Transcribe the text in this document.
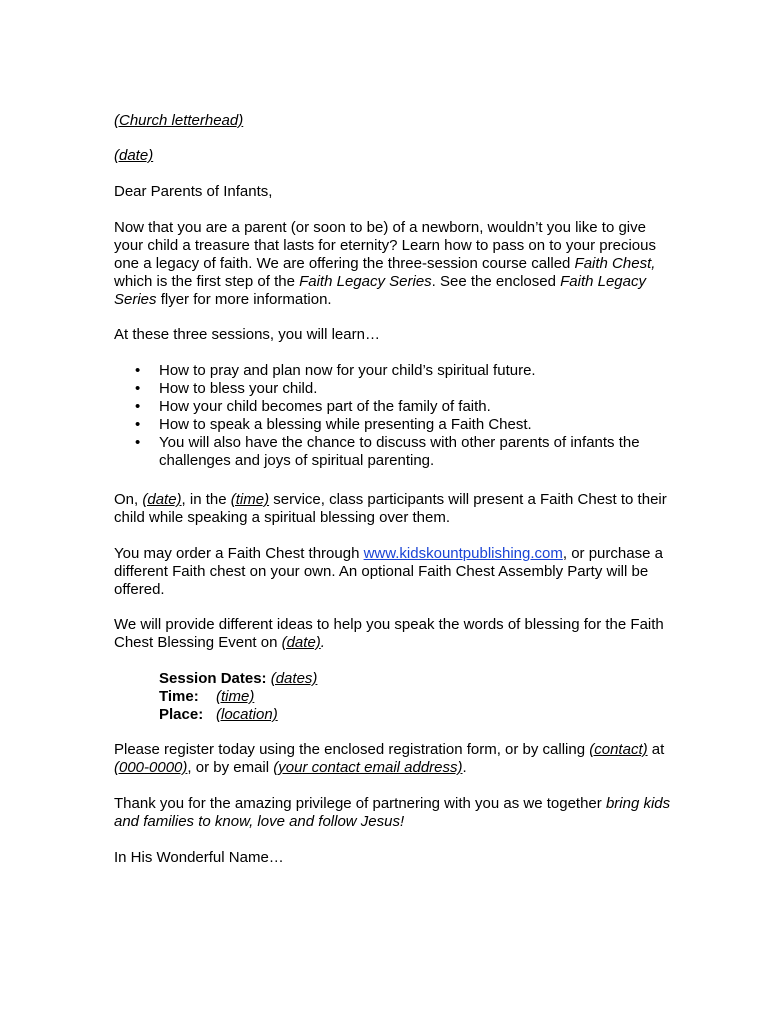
(Church letterhead)

(date)

Dear Parents of Infants,

Now that you are a parent (or soon to be) of a newborn, wouldn’t you like to give your child a treasure that lasts for eternity? Learn how to pass on to your precious one a legacy of faith. We are offering the three-session course called Faith Chest, which is the first step of the Faith Legacy Series. See the enclosed Faith Legacy Series flyer for more information.

At these three sessions, you will learn…

• How to pray and plan now for your child’s spiritual future.
• How to bless your child.
• How your child becomes part of the family of faith.
• How to speak a blessing while presenting a Faith Chest.
• You will also have the chance to discuss with other parents of infants the challenges and joys of spiritual parenting.

On, (date), in the (time) service, class participants will present a Faith Chest to their child while speaking a spiritual blessing over them.

You may order a Faith Chest through www.kidskountpublishing.com, or purchase a different Faith chest on your own. An optional Faith Chest Assembly Party will be offered.

We will provide different ideas to help you speak the words of blessing for the Faith Chest Blessing Event on (date).

Session Dates: (dates)
Time: (time)
Place: (location)

Please register today using the enclosed registration form, or by calling (contact) at (000-0000), or by email (your contact email address).

Thank you for the amazing privilege of partnering with you as we together bring kids and families to know, love and follow Jesus!

In His Wonderful Name…
